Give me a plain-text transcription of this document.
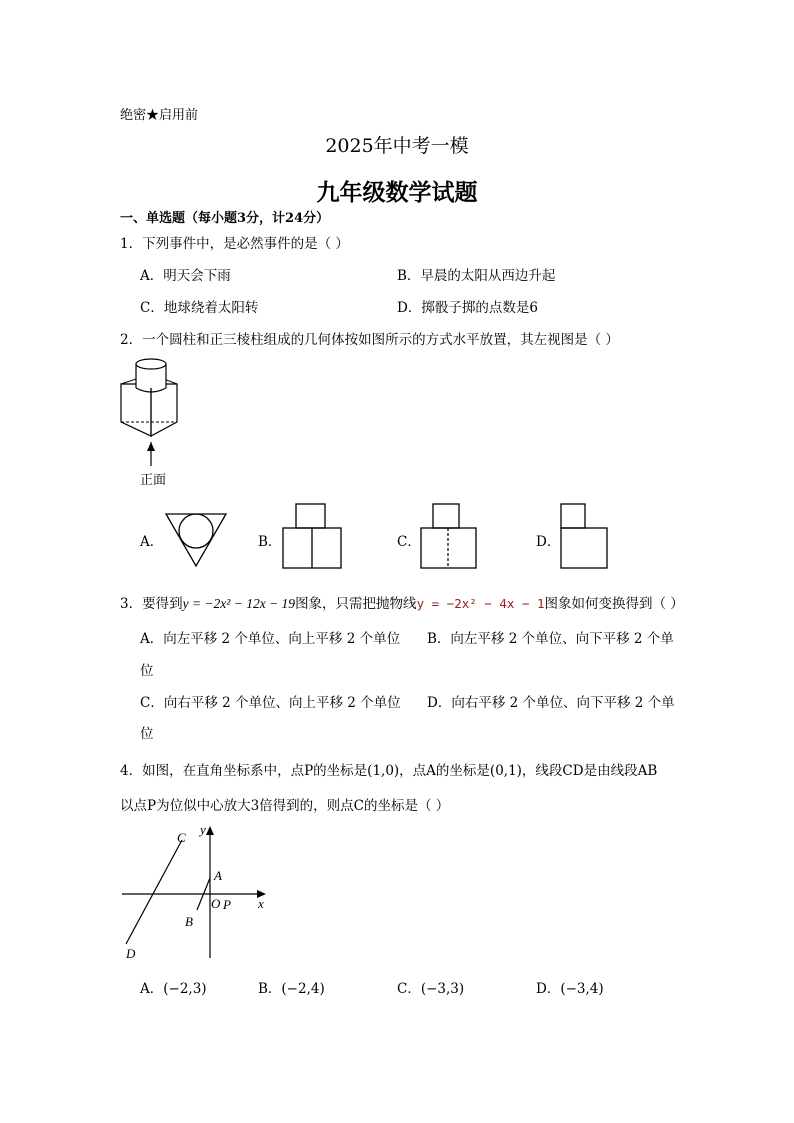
绝密★启用前
2025年中考一模
九年级数学试题
一、单选题（每小题3分，计24分）
1．下列事件中，是必然事件的是（ ）
A．明天会下雨	B．早晨的太阳从西边升起
C．地球绕着太阳转	D．掷骰子掷的点数是6
2．一个圆柱和正三棱柱组成的几何体按如图所示的方式水平放置，其左视图是（ ）
正面
A．	B．	C．	D．
3．要得到y = −2x² − 12x − 19图象，只需把抛物线y = −2x² − 4x − 1图象如何变换得到（ ）
A．向左平移 2 个单位、向上平移 2 个单位 B．向左平移 2 个单位、向下平移 2 个单
位
C．向右平移 2 个单位、向上平移 2 个单位 D．向右平移 2 个单位、向下平移 2 个单
位
4．如图，在直角坐标系中，点P的坐标是(1,0)，点A的坐标是(0,1)，线段CD是由线段AB
以点P为位似中心放大3倍得到的，则点C的坐标是（ ）
C
y
A
O P x
B
D
A．(−2,3)	B．(−2,4)	C．(−3,3)	D．(−3,4)
